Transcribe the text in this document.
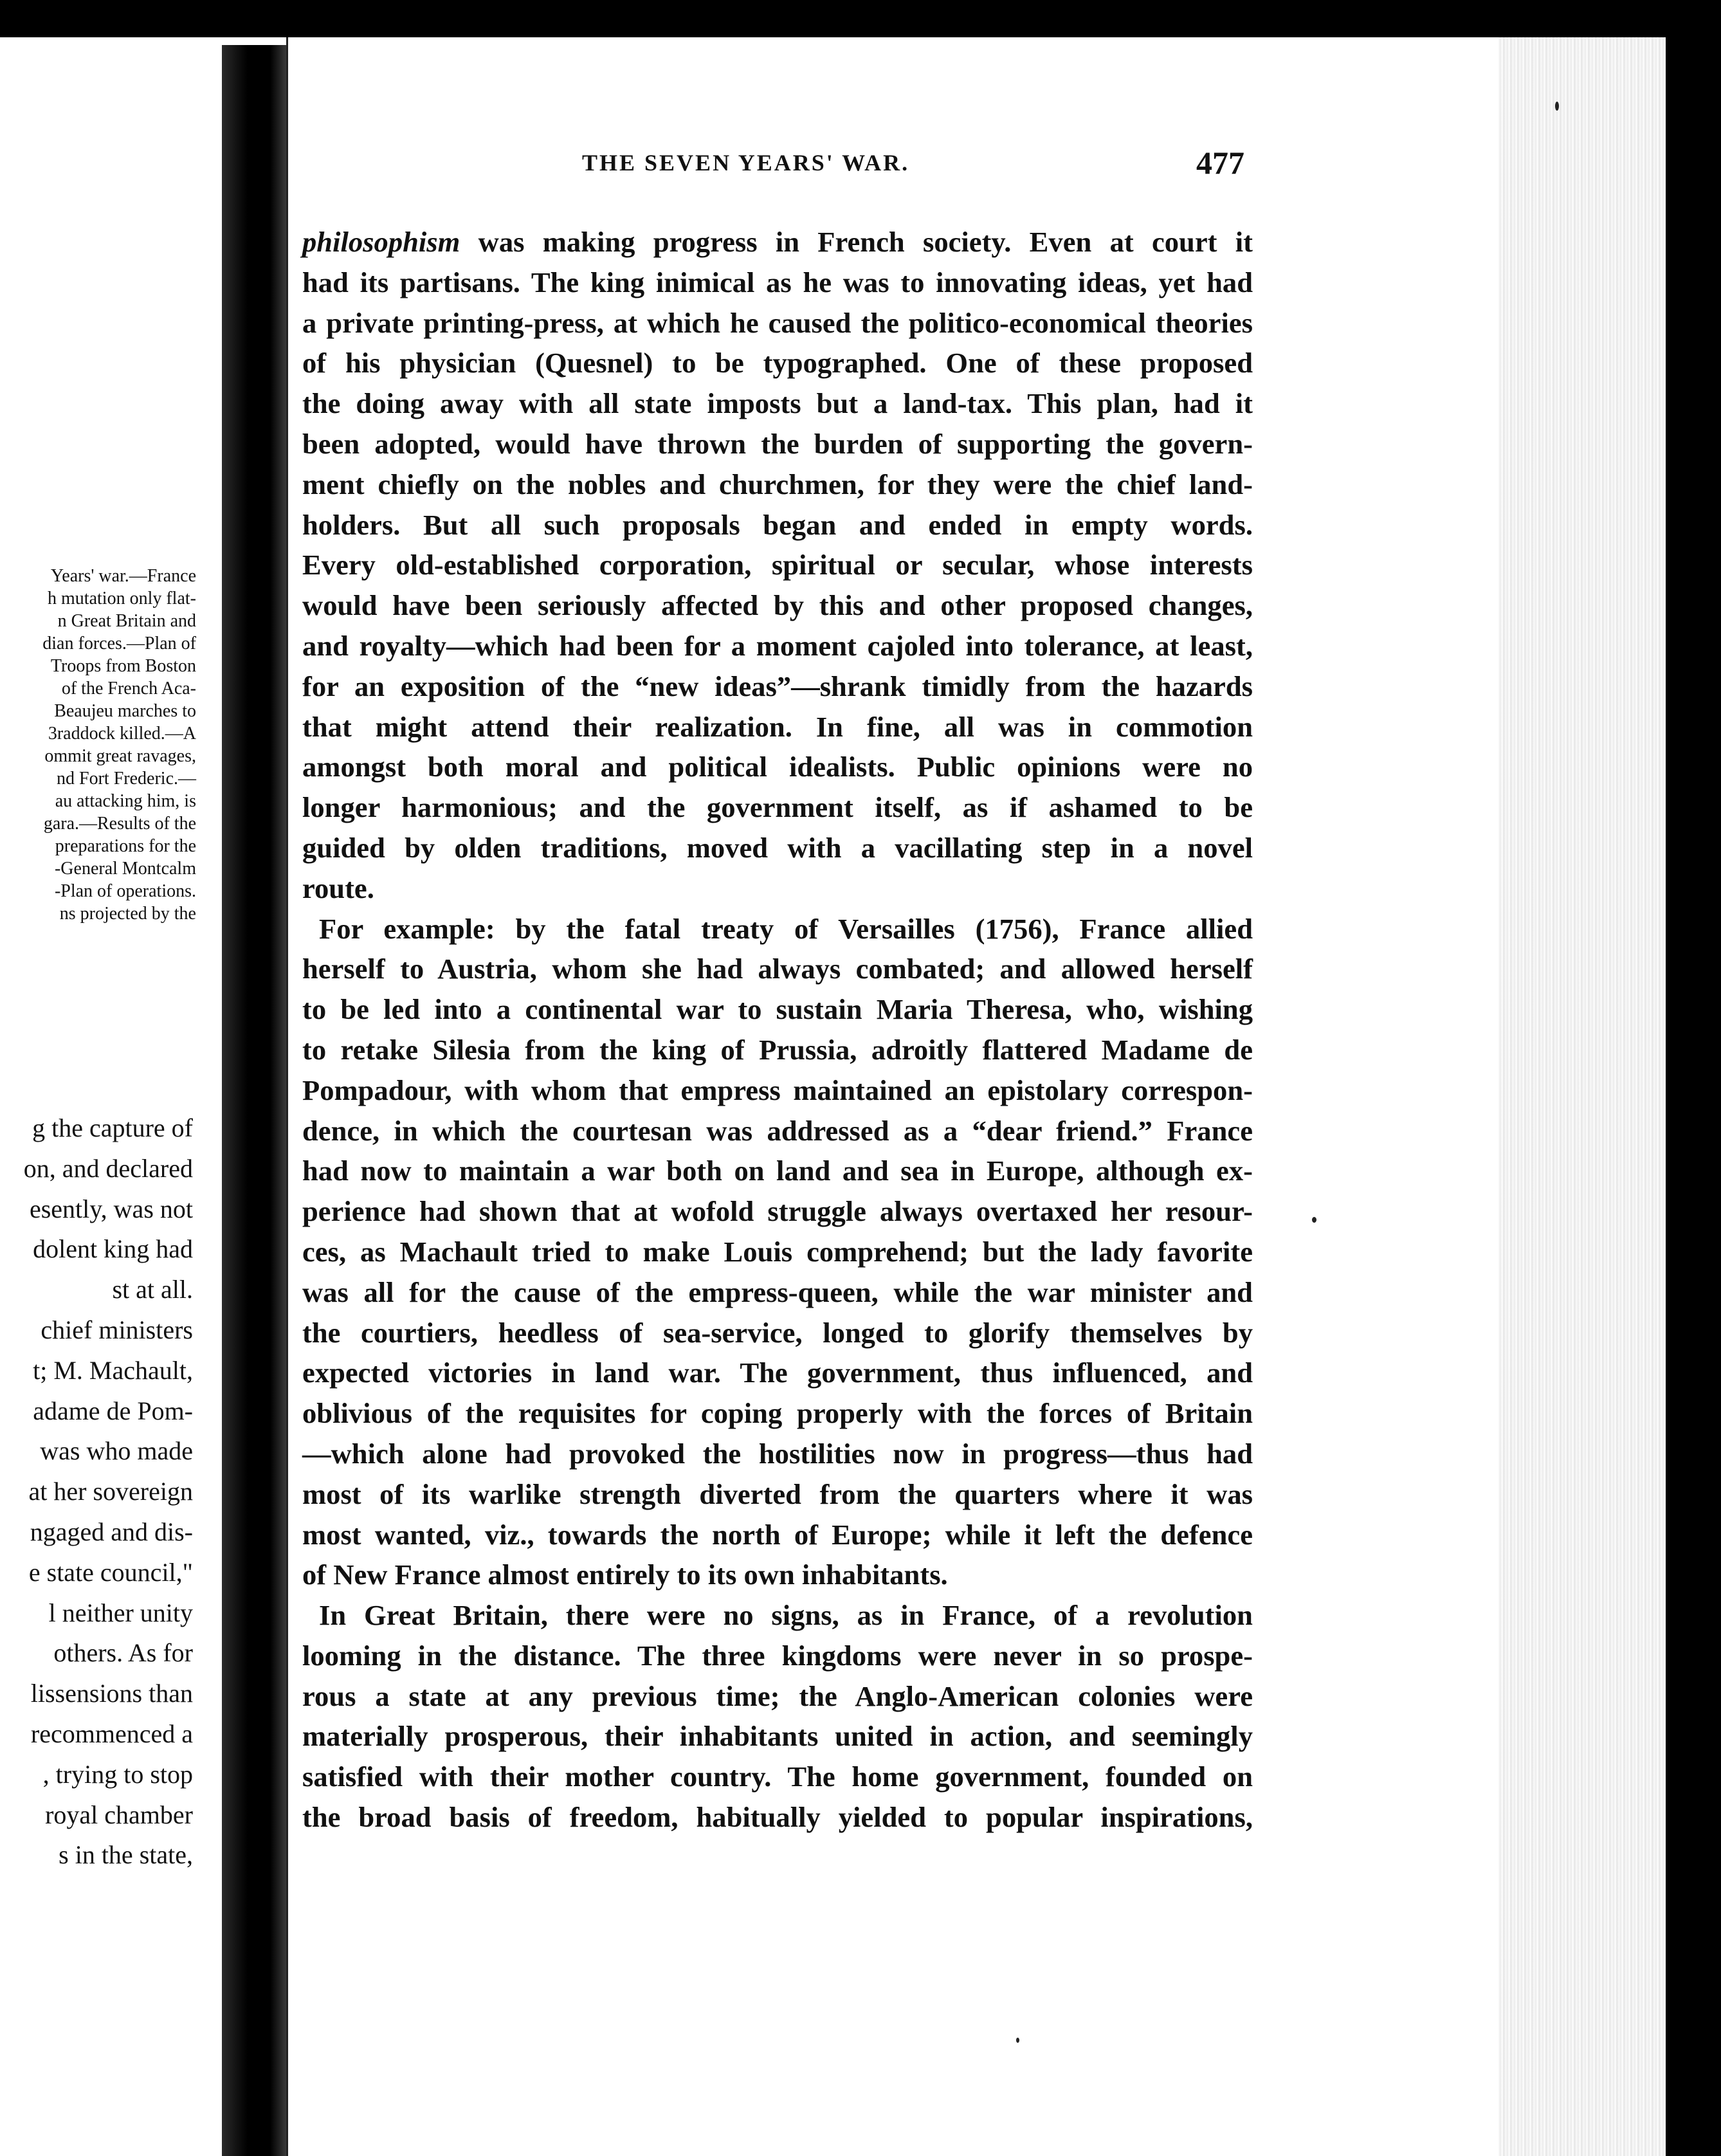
Years' war.—France
h mutation only flat-
n Great Britain and
dian forces.—Plan of
Troops from Boston
of the French Aca-
Beaujeu marches to
3raddock killed.—A
ommit great ravages,
nd Fort Frederic.—
au attacking him, is
gara.—Results of the
preparations for the
-General Montcalm
-Plan of operations.
ns projected by the
g the capture of
on, and declared
esently, was not
dolent king had
st at all.
chief ministers
t; M. Machault,
adame de Pom-
was who made
at her sovereign
ngaged and dis-
e state council,"
l neither unity
others. As for
lissensions than
recommenced a
, trying to stop
royal chamber
s in the state,
THE SEVEN YEARS' WAR.	477
philosophism was making progress in French society. Even at court it
had its partisans. The king inimical as he was to innovating ideas, yet had
a private printing-press, at which he caused the politico-economical theories
of his physician (Quesnel) to be typographed. One of these proposed
the doing away with all state imposts but a land-tax. This plan, had it
been adopted, would have thrown the burden of supporting the govern-
ment chiefly on the nobles and churchmen, for they were the chief land-
holders. But all such proposals began and ended in empty words.
Every old-established corporation, spiritual or secular, whose interests
would have been seriously affected by this and other proposed changes,
and royalty—which had been for a moment cajoled into tolerance, at least,
for an exposition of the “new ideas”—shrank timidly from the hazards
that might attend their realization. In fine, all was in commotion
amongst both moral and political idealists. Public opinions were no
longer harmonious; and the government itself, as if ashamed to be
guided by olden traditions, moved with a vacillating step in a novel
route.
For example: by the fatal treaty of Versailles (1756), France allied
herself to Austria, whom she had always combated; and allowed herself
to be led into a continental war to sustain Maria Theresa, who, wishing
to retake Silesia from the king of Prussia, adroitly flattered Madame de
Pompadour, with whom that empress maintained an epistolary correspon-
dence, in which the courtesan was addressed as a “dear friend.” France
had now to maintain a war both on land and sea in Europe, although ex-
perience had shown that at wofold struggle always overtaxed her resour-
ces, as Machault tried to make Louis comprehend; but the lady favorite
was all for the cause of the empress-queen, while the war minister and
the courtiers, heedless of sea-service, longed to glorify themselves by
expected victories in land war. The government, thus influenced, and
oblivious of the requisites for coping properly with the forces of Britain
—which alone had provoked the hostilities now in progress—thus had
most of its warlike strength diverted from the quarters where it was
most wanted, viz., towards the north of Europe; while it left the defence
of New France almost entirely to its own inhabitants.
In Great Britain, there were no signs, as in France, of a revolution
looming in the distance. The three kingdoms were never in so prospe-
rous a state at any previous time; the Anglo-American colonies were
materially prosperous, their inhabitants united in action, and seemingly
satisfied with their mother country. The home government, founded on
the broad basis of freedom, habitually yielded to popular inspirations,
